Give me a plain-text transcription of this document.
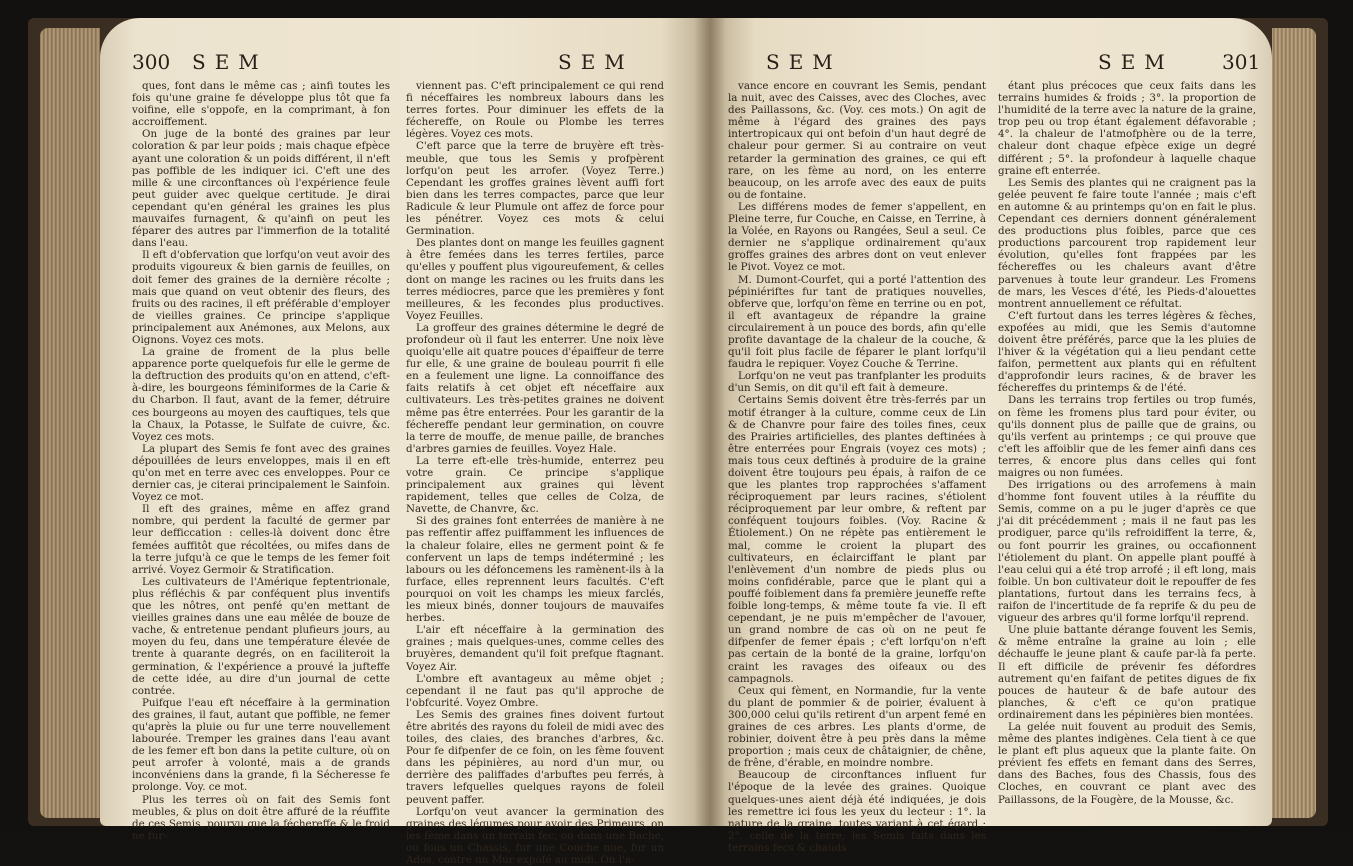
300 SEM	SEM

ques, font dans le même cas ; ainfi toutes les fois qu'une graine fe développe plus tôt que fa voifine, elle s'oppofe, en la comprimant, à fon accroiffement.

On juge de la bonté des graines par leur coloration & par leur poids ; mais chaque efpèce ayant une coloration & un poids différent, il n'eft pas poffible de les indiquer ici. C'eft une des mille & une circonftances où l'expérience feule peut guider avec quelque certitude. Je dirai cependant qu'en général les graines les plus mauvaifes furnagent, & qu'ainfi on peut les féparer des autres par l'immerfion de la totalité dans l'eau.

Il eft d'obfervation que lorfqu'on veut avoir des produits vigoureux & bien garnis de feuilles, on doit femer des graines de la dernière récolte ; mais que quand on veut obtenir des fleurs, des fruits ou des racines, il eft préférable d'employer de vieilles graines. Ce principe s'applique principalement aux Anémones, aux Melons, aux Oignons. Voyez ces mots.

La graine de froment de la plus belle apparence porte quelquefois fur elle le germe de la deftruction des produits qu'on en attend, c'eft-à-dire, les bourgeons féminiformes de la Carie & du Charbon. Il faut, avant de la femer, détruire ces bourgeons au moyen des cauftiques, tels que la Chaux, la Potasse, le Sulfate de cuivre, &c. Voyez ces mots.

La plupart des Semis fe font avec des graines dépouillées de leurs enveloppes, mais il en eft qu'on met en terre avec ces enveloppes. Pour ce dernier cas, je citerai principalement le Sainfoin. Voyez ce mot.

Il eft des graines, même en affez grand nombre, qui perdent la faculté de germer par leur defficcation : celles-là doivent donc être femées auffitôt que récoltées, ou mifes dans de la terre jufqu'à ce que le temps de les femer foit arrivé. Voyez Germoir & Stratification.

Les cultivateurs de l'Amérique feptentrionale, plus réfléchis & par conféquent plus inventifs que les nôtres, ont penfé qu'en mettant de vieilles graines dans une eau mêlée de bouze de vache, & entretenue pendant plufieurs jours, au moyen du feu, dans une température élevée de trente à quarante degrés, on en faciliteroit la germination, & l'expérience a prouvé la jufteffe de cette idée, au dire d'un journal de cette contrée.

Puifque l'eau eft néceffaire à la germination des graines, il faut, autant que poffible, ne femer qu'après la pluie ou fur une terre nouvellement labourée. Tremper les graines dans l'eau avant de les femer eft bon dans la petite culture, où on peut arrofer à volonté, mais a de grands inconvéniens dans la grande, fi la Sécheresse fe prolonge. Voy. ce mot.

Plus les terres où on fait des Semis font meubles, & plus on doit être affuré de la réuffite de ces Semis, pourvu que la féchereffe & le froid ne fur-

viennent pas. C'eft principalement ce qui rend fi néceffaires les nombreux labours dans les terres fortes. Pour diminuer les effets de la féchereffe, on Roule ou Plombe les terres légères. Voyez ces mots.

C'eft parce que la terre de bruyère eft très-meuble, que tous les Semis y profpèrent lorfqu'on peut les arrofer. (Voyez Terre.) Cependant les groffes graines lèvent auffi fort bien dans les terres compactes, parce que leur Radicule & leur Plumule ont affez de force pour les pénétrer. Voyez ces mots & celui Germination.

Des plantes dont on mange les feuilles gagnent à être femées dans les terres fertiles, parce qu'elles y pouffent plus vigoureufement, & celles dont on mange les racines ou les fruits dans les terres médiocres, parce que les premières y font meilleures, & les fecondes plus productives. Voyez Feuilles.

La groffeur des graines détermine le degré de profondeur où il faut les enterrer. Une noix lève quoiqu'elle ait quatre pouces d'épaiffeur de terre fur elle, & une graine de bouleau pourrit fi elle en a feulement une ligne. La connoiffance des faits relatifs à cet objet eft néceffaire aux cultivateurs. Les très-petites graines ne doivent même pas être enterrées. Pour les garantir de la féchereffe pendant leur germination, on couvre la terre de mouffe, de menue paille, de branches d'arbres garnies de feuilles. Voyez Hale.

La terre eft-elle très-humide, enterrez peu votre grain. Ce principe s'applique principalement aux graines qui lèvent rapidement, telles que celles de Colza, de Navette, de Chanvre, &c.

Si des graines font enterrées de manière à ne pas reffentir affez puiffamment les influences de la chaleur folaire, elles ne germent point & fe confervent un laps de temps indéterminé ; les labours ou les défoncemens les ramènent-ils à la furface, elles reprennent leurs facultés. C'eft pourquoi on voit les champs les mieux farclés, les mieux binés, donner toujours de mauvaifes herbes.

L'air eft néceffaire à la germination des graines ; mais quelques-unes, comme celles des bruyères, demandent qu'il foit prefque ftagnant. Voyez Air.

L'ombre eft avantageux au même objet ; cependant il ne faut pas qu'il approche de l'obfcurité. Voyez Ombre.

Les Semis des graines fines doivent furtout être abrités des rayons du foleil de midi avec des toiles, des claies, des branches d'arbres, &c. Pour fe difpenfer de ce foin, on les fème fouvent dans les pépinières, au nord d'un mur, ou derrière des paliffades d'arbuftes peu ferrés, à travers lefquelles quelques rayons de foleil peuvent paffer.

Lorfqu'on veut avancer la germination des graines des légumes pour avoir des Primeurs, on les fème dans un terrain fec, ou dans une Bache, ou fous un Chassis, fur une Couche nue, fur un Ados, contre un Mur expofé au midi. On l'a-

SEM	SEM 301

vance encore en couvrant les Semis, pendant la nuit, avec des Caisses, avec des Cloches, avec des Paillassons, &c. (Voy. ces mots.) On agit de même à l'égard des graines des pays intertropicaux qui ont befoin d'un haut degré de chaleur pour germer. Si au contraire on veut retarder la germination des graines, ce qui eft rare, on les fème au nord, on les enterre beaucoup, on les arrofe avec des eaux de puits ou de fontaine.

Les différens modes de femer s'appellent, en Pleine terre, fur Couche, en Caisse, en Terrine, à la Volée, en Rayons ou Rangées, Seul a seul. Ce dernier ne s'applique ordinairement qu'aux groffes graines des arbres dont on veut enlever le Pivot. Voyez ce mot.

M. Dumont-Courfet, qui a porté l'attention des pépiniériftes fur tant de pratiques nouvelles, obferve que, lorfqu'on fème en terrine ou en pot, il eft avantageux de répandre la graine circulairement à un pouce des bords, afin qu'elle profite davantage de la chaleur de la couche, & qu'il foit plus facile de féparer le plant lorfqu'il faudra le repiquer. Voyez Couche & Terrine.

Lorfqu'on ne veut pas tranfplanter les produits d'un Semis, on dit qu'il eft fait à demeure.

Certains Semis doivent être très-ferrés par un motif étranger à la culture, comme ceux de Lin & de Chanvre pour faire des toiles fines, ceux des Prairies artificielles, des plantes deftinées à être enterrées pour Engrais (voyez ces mots) ; mais tous ceux deftinés à produire de la graine doivent être toujours peu épais, à raifon de ce que les plantes trop rapprochées s'affament réciproquement par leurs racines, s'étiolent réciproquement par leur ombre, & reftent par conféquent toujours foibles. (Voy. Racine & Étiolement.) On ne répète pas entièrement le mal, comme le croient la plupart des cultivateurs, en éclairciffant le plant par l'enlèvement d'un nombre de pieds plus ou moins confidérable, parce que le plant qui a pouffé foiblement dans fa première jeuneffe refte foible long-temps, & même toute fa vie. Il eft cependant, je ne puis m'empêcher de l'avouer, un grand nombre de cas où on ne peut fe difpenfer de femer épais ; c'eft lorfqu'on n'eft pas certain de la bonté de la graine, lorfqu'on craint les ravages des oifeaux ou des campagnols.

Ceux qui fèment, en Normandie, fur la vente du plant de pommier & de poirier, évaluent à 300,000 celui qu'ils retirent d'un arpent femé en graines de ces arbres. Les plants d'orme, de robinier, doivent être à peu près dans la même proportion ; mais ceux de châtaignier, de chêne, de frêne, d'érable, en moindre nombre.

Beaucoup de circonftances influent fur l'époque de la levée des graines. Quoique quelques-unes aient déjà été indiquées, je dois les remettre ici fous les yeux du lecteur : 1°. la nature de la graine, toutes variant à cet égard ; 2°. celle de la terre, les Semis faits dans les terrains fecs & chauds

étant plus précoces que ceux faits dans les terrains humides & froids ; 3°. la proportion de l'humidité de la terre avec la nature de la graine, trop peu ou trop étant également défavorable ; 4°. la chaleur de l'atmofphère ou de la terre, chaleur dont chaque efpèce exige un degré différent ; 5°. la profondeur à laquelle chaque graine eft enterrée.

Les Semis des plantes qui ne craignent pas la gelée peuvent fe faire toute l'année ; mais c'eft en automne & au printemps qu'on en fait le plus. Cependant ces derniers donnent généralement des productions plus foibles, parce que ces productions parcourent trop rapidement leur évolution, qu'elles font frappées par les féchereffes ou les chaleurs avant d'être parvenues à toute leur grandeur. Les Fromens de mars, les Vesces d'été, les Pieds-d'alouettes montrent annuellement ce réfultat.

C'eft furtout dans les terres légères & fèches, expofées au midi, que les Semis d'automne doivent être préférés, parce que la les pluies de l'hiver & la végétation qui a lieu pendant cette faifon, permettent aux plants qui en réfultent d'approfondir leurs racines, & de braver les féchereffes du printemps & de l'été.

Dans les terrains trop fertiles ou trop fumés, on fème les fromens plus tard pour éviter, ou qu'ils donnent plus de paille que de grains, ou qu'ils verfent au printemps ; ce qui prouve que c'eft les affoiblir que de les femer ainfi dans ces terres, & encore plus dans celles qui font maigres ou non fumées.

Des irrigations ou des arrofemens à main d'homme font fouvent utiles à la réuffite du Semis, comme on a pu le juger d'après ce que j'ai dit précédemment ; mais il ne faut pas les prodiguer, parce qu'ils refroidiffent la terre, &, ou font pourrir les graines, ou occafionnent l'étiolement du plant. On appelle plant pouffé à l'eau celui qui a été trop arrofé ; il eft long, mais foible. Un bon cultivateur doit le repouffer de fes plantations, furtout dans les terrains fecs, à raifon de l'incertitude de fa reprife & du peu de vigueur des arbres qu'il forme lorfqu'il reprend.

Une pluie battante dérange fouvent les Semis, & même entraîne la graine au loin ; elle déchauffe le jeune plant & caufe par-là fa perte. Il eft difficile de prévenir fes défordres autrement qu'en faifant de petites digues de fix pouces de hauteur & de bafe autour des planches, & c'eft ce qu'on pratique ordinairement dans les pépinières bien montées.

La gelée nuit fouvent au produit des Semis, même des plantes indigènes. Cela tient à ce que le plant eft plus aqueux que la plante faite. On prévient fes effets en femant dans des Serres, dans des Baches, fous des Chassis, fous des Cloches, en couvrant ce plant avec des Paillassons, de la Fougère, de la Mousse, &c.
